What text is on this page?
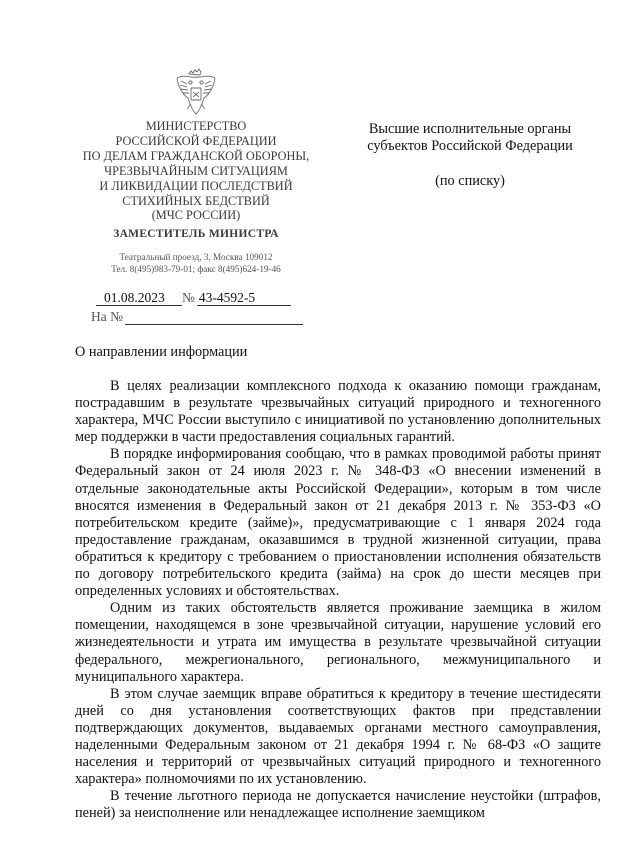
МИНИСТЕРСТВО
РОССИЙСКОЙ ФЕДЕРАЦИИ
ПО ДЕЛАМ ГРАЖДАНСКОЙ ОБОРОНЫ,
ЧРЕЗВЫЧАЙНЫМ СИТУАЦИЯМ
И ЛИКВИДАЦИИ ПОСЛЕДСТВИЙ
СТИХИЙНЫХ БЕДСТВИЙ
(МЧС РОССИИ)
ЗАМЕСТИТЕЛЬ МИНИСТРА
Театральный проезд, 3, Москва 109012
Тел. 8(495)983-79-01; факс 8(495)624-19-46
Высшие исполнительные органы
субъектов Российской Федерации
(по списку)
01.08.2023 № 43-4592-5
На №
О направлении информации

В целях реализации комплексного подхода к оказанию помощи гражданам, пострадавшим в результате чрезвычайных ситуаций природного и техногенного характера, МЧС России выступило с инициативой по установлению дополнительных мер поддержки в части предоставления социальных гарантий.

В порядке информирования сообщаю, что в рамках проводимой работы принят Федеральный закон от 24 июля 2023 г. № 348-ФЗ «О внесении изменений в отдельные законодательные акты Российской Федерации», которым в том числе вносятся изменения в Федеральный закон от 21 декабря 2013 г. № 353-ФЗ «О потребительском кредите (займе)», предусматривающие с 1 января 2024 года предоставление гражданам, оказавшимся в трудной жизненной ситуации, права обратиться к кредитору с требованием о приостановлении исполнения обязательств по договору потребительского кредита (займа) на срок до шести месяцев при определенных условиях и обстоятельствах.

Одним из таких обстоятельств является проживание заемщика в жилом помещении, находящемся в зоне чрезвычайной ситуации, нарушение условий его жизнедеятельности и утрата им имущества в результате чрезвычайной ситуации федерального, межрегионального, регионального, межмуниципального и муниципального характера.

В этом случае заемщик вправе обратиться к кредитору в течение шестидесяти дней со дня установления соответствующих фактов при представлении подтверждающих документов, выдаваемых органами местного самоуправления, наделенными Федеральным законом от 21 декабря 1994 г. № 68-ФЗ «О защите населения и территорий от чрезвычайных ситуаций природного и техногенного характера» полномочиями по их установлению.

В течение льготного периода не допускается начисление неустойки (штрафов, пеней) за неисполнение или ненадлежащее исполнение заемщиком
